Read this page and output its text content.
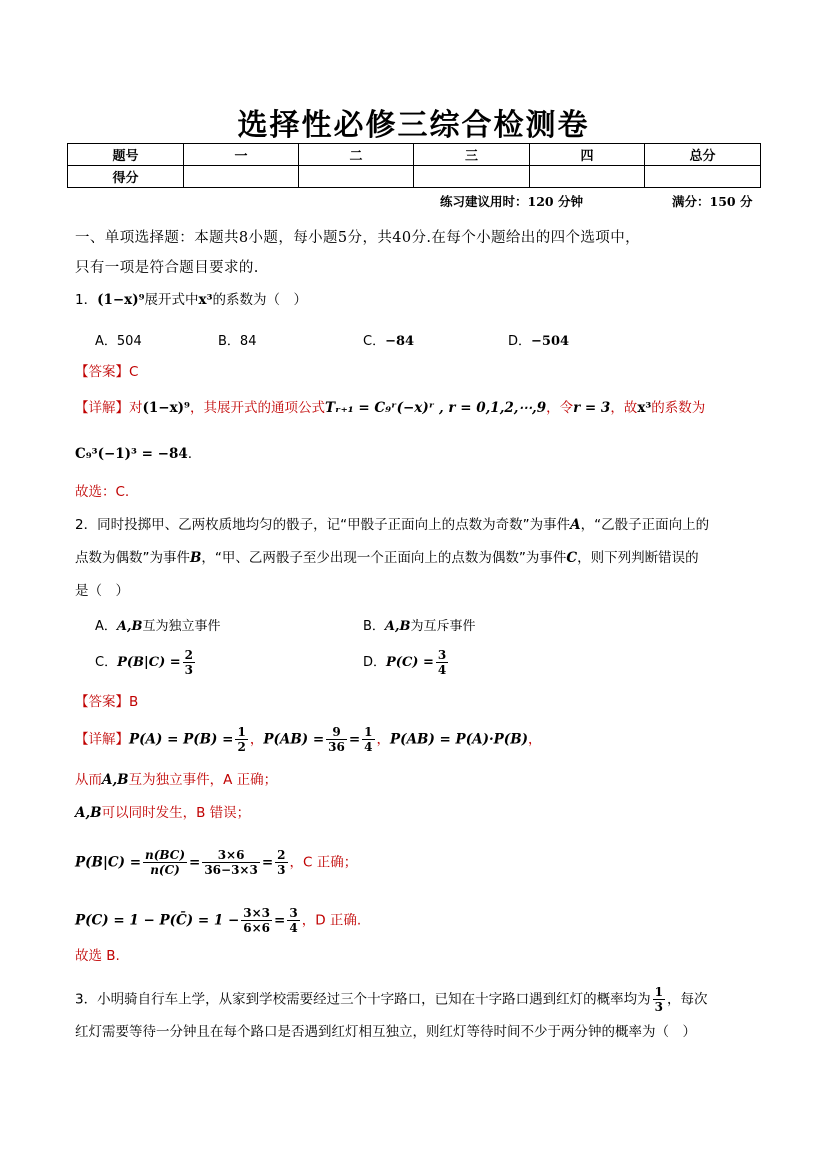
选择性必修三综合检测卷
题号	一	二	三	四	总分
得分					
练习建议用时：120 分钟	满分：150 分
一、单项选择题：本题共8小题，每小题5分，共40分.在每个小题给出的四个选项中，
只有一项是符合题目要求的.
1．(1−x)⁹展开式中x³的系数为（　）
A．504	B．84	C．−84	D．−504
【答案】C
【详解】对(1−x)⁹，其展开式的通项公式Tᵣ₊₁ = C₉ʳ(−x)ʳ , r = 0,1,2,⋯,9，令r = 3，故x³的系数为
C₉³(−1)³ = −84.
故选：C.
2．同时投掷甲、乙两枚质地均匀的骰子，记“甲骰子正面向上的点数为奇数”为事件A，“乙骰子正面向上的
点数为偶数”为事件B，“甲、乙两骰子至少出现一个正面向上的点数为偶数”为事件C，则下列判断错误的
是（　）
A．A,B互为独立事件	B．A,B为互斥事件
C．$P(B|C) = \frac{2}{3}$	D．$P(C) = \frac{3}{4}$
【答案】B
【详解】$P(A) = P(B) = \frac{1}{2}$ ，$P(AB) = \frac{9}{36} = \frac{1}{4}$ ，P(AB) = P(A)·P(B)，
从而A,B互为独立事件，A 正确；
A,B可以同时发生，B 错误；
$P(B|C) = \frac{n(BC)}{n(C)} = \frac{3\times 6}{36-3\times 3} = \frac{2}{3}$ ，C 正确；
P(C) = 1 − P(C̄) = $1 - \frac{3\times 3}{6\times 6} = \frac{3}{4}$ ，D 正确.
故选 B.
3．小明骑自行车上学，从家到学校需要经过三个十字路口，已知在十字路口遇到红灯的概率均为 $\frac{1}{3}$ ，每次
红灯需要等待一分钟且在每个路口是否遇到红灯相互独立，则红灯等待时间不少于两分钟的概率为（　）
